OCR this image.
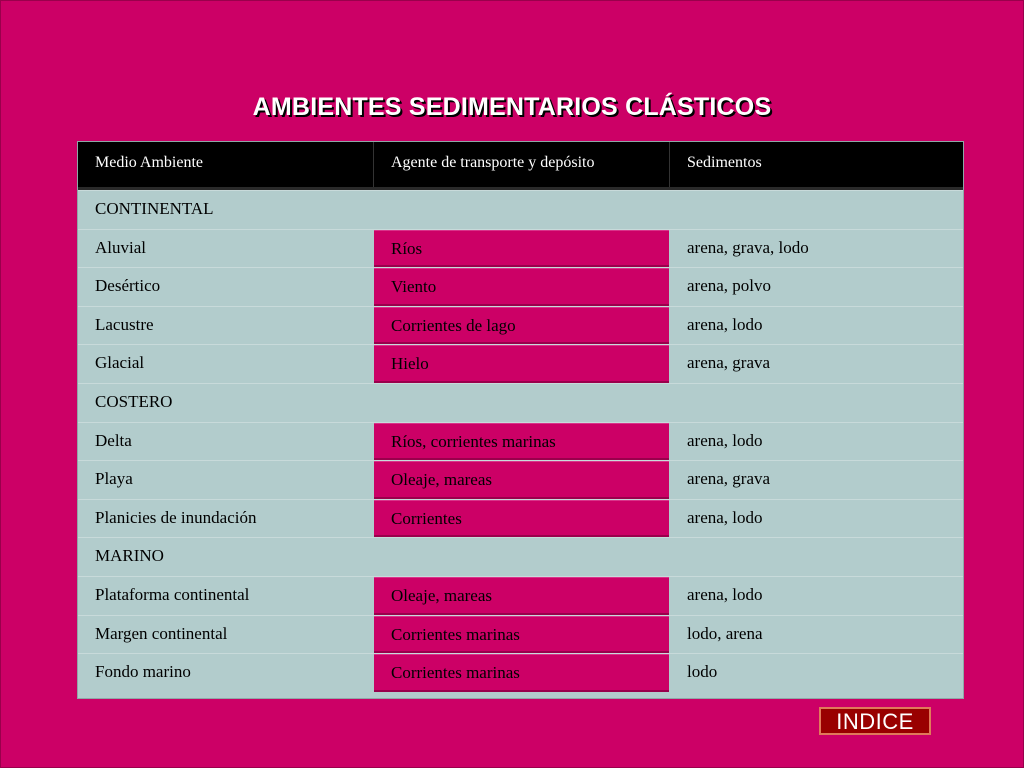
AMBIENTES SEDIMENTARIOS CLÁSTICOS
Medio Ambiente	Agente de transporte y depósito	Sedimentos
CONTINENTAL
Aluvial	Ríos	arena, grava, lodo
Desértico	Viento	arena, polvo
Lacustre	Corrientes de lago	arena, lodo
Glacial	Hielo	arena, grava
COSTERO
Delta	Ríos, corrientes marinas	arena, lodo
Playa	Oleaje, mareas	arena, grava
Planicies de inundación	Corrientes	arena, lodo
MARINO
Plataforma continental	Oleaje, mareas	arena, lodo
Margen continental	Corrientes marinas	lodo, arena
Fondo marino	Corrientes marinas	lodo
INDICE
